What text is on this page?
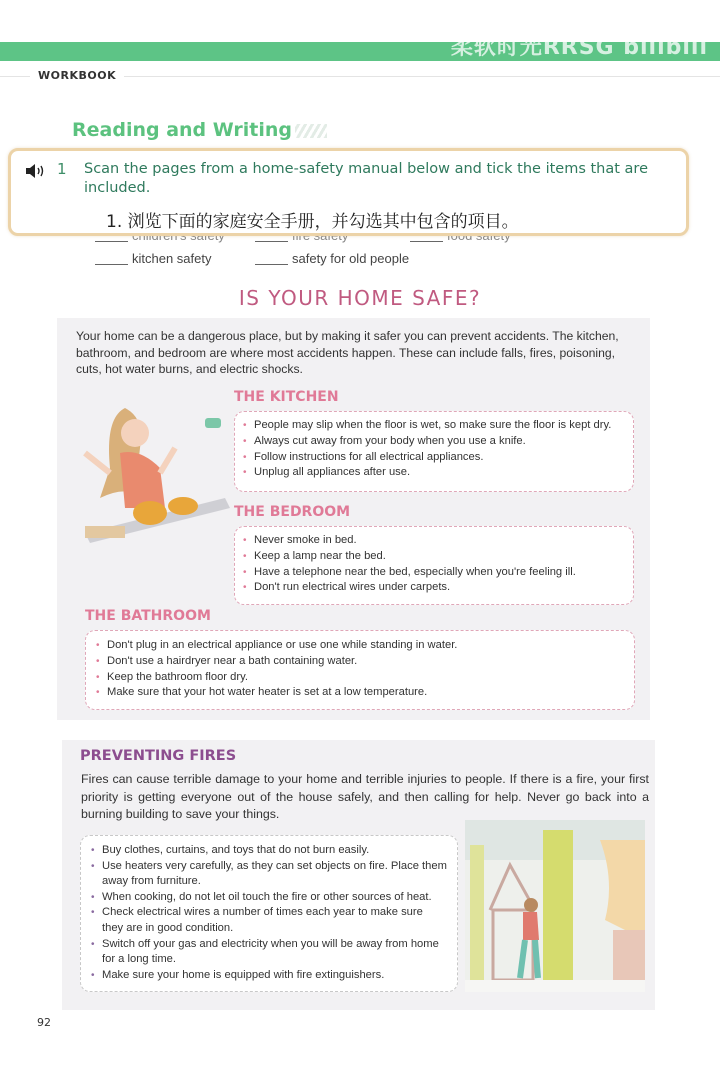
柔软时光RRSG bilibili
WORKBOOK
Reading and Writing
1 Scan the pages from a home-safety manual below and tick the items that are included.
1. 浏览下面的家庭安全手册，并勾选其中包含的项目。
kitchen safety	safety for old people
IS YOUR HOME SAFE?
Your home can be a dangerous place, but by making it safer you can prevent accidents. The kitchen, bathroom, and bedroom are where most accidents happen. These can include falls, fires, poisoning, cuts, hot water burns, and electric shocks.
THE KITCHEN
• People may slip when the floor is wet, so make sure the floor is kept dry.
• Always cut away from your body when you use a knife.
• Follow instructions for all electrical appliances.
• Unplug all appliances after use.
THE BEDROOM
• Never smoke in bed.
• Keep a lamp near the bed.
• Have a telephone near the bed, especially when you're feeling ill.
• Don't run electrical wires under carpets.
THE BATHROOM
• Don't plug in an electrical appliance or use one while standing in water.
• Don't use a hairdryer near a bath containing water.
• Keep the bathroom floor dry.
• Make sure that your hot water heater is set at a low temperature.
PREVENTING FIRES
Fires can cause terrible damage to your home and terrible injuries to people. If there is a fire, your first priority is getting everyone out of the house safely, and then calling for help. Never go back into a burning building to save your things.
• Buy clothes, curtains, and toys that do not burn easily.
• Use heaters very carefully, as they can set objects on fire. Place them away from furniture.
• When cooking, do not let oil touch the fire or other sources of heat.
• Check electrical wires a number of times each year to make sure they are in good condition.
• Switch off your gas and electricity when you will be away from home for a long time.
• Make sure your home is equipped with fire extinguishers.
92
